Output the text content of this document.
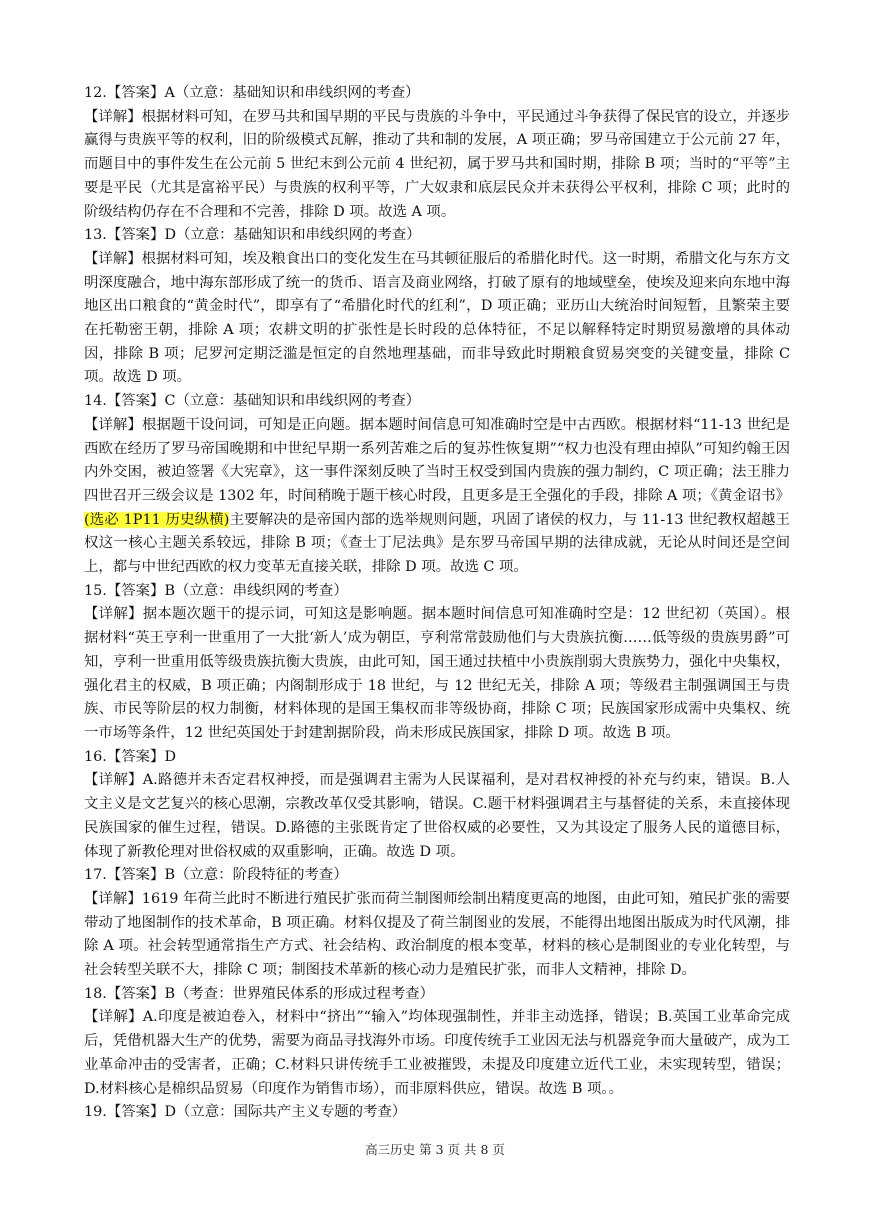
12.【答案】A（立意：基础知识和串线织网的考查）

【详解】根据材料可知，在罗马共和国早期的平民与贵族的斗争中，平民通过斗争获得了保民官的设立，并逐步赢得与贵族平等的权利，旧的阶级模式瓦解，推动了共和制的发展，A 项正确；罗马帝国建立于公元前 27 年，而题目中的事件发生在公元前 5 世纪末到公元前 4 世纪初，属于罗马共和国时期，排除 B 项；当时的“平等”主要是平民（尤其是富裕平民）与贵族的权利平等，广大奴隶和底层民众并未获得公平权利，排除 C 项；此时的阶级结构仍存在不合理和不完善，排除 D 项。故选 A 项。

13.【答案】D（立意：基础知识和串线织网的考查）

【详解】根据材料可知，埃及粮食出口的变化发生在马其顿征服后的希腊化时代。这一时期，希腊文化与东方文明深度融合，地中海东部形成了统一的货币、语言及商业网络，打破了原有的地域壁垒，使埃及迎来向东地中海地区出口粮食的“黄金时代”，即享有了“希腊化时代的红利”，D 项正确；亚历山大统治时间短暂，且繁荣主要在托勒密王朝，排除 A 项；农耕文明的扩张性是长时段的总体特征，不足以解释特定时期贸易激增的具体动因，排除 B 项；尼罗河定期泛滥是恒定的自然地理基础，而非导致此时期粮食贸易突变的关键变量，排除 C 项。故选 D 项。

14.【答案】C（立意：基础知识和串线织网的考查）

【详解】根据题干设问词，可知是正向题。据本题时间信息可知准确时空是中古西欧。根据材料“11-13 世纪是西欧在经历了罗马帝国晚期和中世纪早期一系列苦难之后的复苏性恢复期”“权力也没有理由掉队”可知约翰王因内外交困，被迫签署《大宪章》，这一事件深刻反映了当时王权受到国内贵族的强力制约，C 项正确；法王腓力四世召开三级会议是 1302 年，时间稍晚于题干核心时段，且更多是王全强化的手段，排除 A 项；《黄金诏书》(选必 1P11 历史纵横)主要解决的是帝国内部的选举规则问题，巩固了诸侯的权力，与 11-13 世纪教权超越王权这一核心主题关系较远，排除 B 项；《查士丁尼法典》是东罗马帝国早期的法律成就，无论从时间还是空间上，都与中世纪西欧的权力变革无直接关联，排除 D 项。故选 C 项。

15.【答案】B（立意：串线织网的考查）

【详解】据本题次题干的提示词，可知这是影响题。据本题时间信息可知准确时空是：12 世纪初（英国）。根据材料“英王亨利一世重用了一大批‘新人’成为朝臣，亨利常常鼓励他们与大贵族抗衡……低等级的贵族男爵”可知，亨利一世重用低等级贵族抗衡大贵族，由此可知，国王通过扶植中小贵族削弱大贵族势力，强化中央集权，强化君主的权威，B 项正确；内阁制形成于 18 世纪，与 12 世纪无关，排除 A 项；等级君主制强调国王与贵族、市民等阶层的权力制衡，材料体现的是国王集权而非等级协商，排除 C 项；民族国家形成需中央集权、统一市场等条件，12 世纪英国处于封建割据阶段，尚未形成民族国家，排除 D 项。故选 B 项。

16.【答案】D

【详解】A.路德并未否定君权神授，而是强调君主需为人民谋福利，是对君权神授的补充与约束，错误。B.人文主义是文艺复兴的核心思潮，宗教改革仅受其影响，错误。C.题干材料强调君主与基督徒的关系，未直接体现民族国家的催生过程，错误。D.路德的主张既肯定了世俗权威的必要性，又为其设定了服务人民的道德目标，体现了新教伦理对世俗权威的双重影响，正确。故选 D 项。

17.【答案】B（立意：阶段特征的考查）

【详解】1619 年荷兰此时不断进行殖民扩张而荷兰制图师绘制出精度更高的地图，由此可知，殖民扩张的需要带动了地图制作的技术革命，B 项正确。材料仅提及了荷兰制图业的发展，不能得出地图出版成为时代风潮，排除 A 项。社会转型通常指生产方式、社会结构、政治制度的根本变革，材料的核心是制图业的专业化转型，与社会转型关联不大，排除 C 项；制图技术革新的核心动力是殖民扩张，而非人文精神，排除 D。

18.【答案】B（考查：世界殖民体系的形成过程考查）

【详解】A.印度是被迫卷入，材料中“挤出”“输入”均体现强制性，并非主动选择，错误；B.英国工业革命完成后，凭借机器大生产的优势，需要为商品寻找海外市场。印度传统手工业因无法与机器竞争而大量破产，成为工业革命冲击的受害者，正确；C.材料只讲传统手工业被摧毁，未提及印度建立近代工业，未实现转型，错误；D.材料核心是棉织品贸易（印度作为销售市场），而非原料供应，错误。故选 B 项。。

19.【答案】D（立意：国际共产主义专题的考查）

高三历史 第 3 页 共 8 页
